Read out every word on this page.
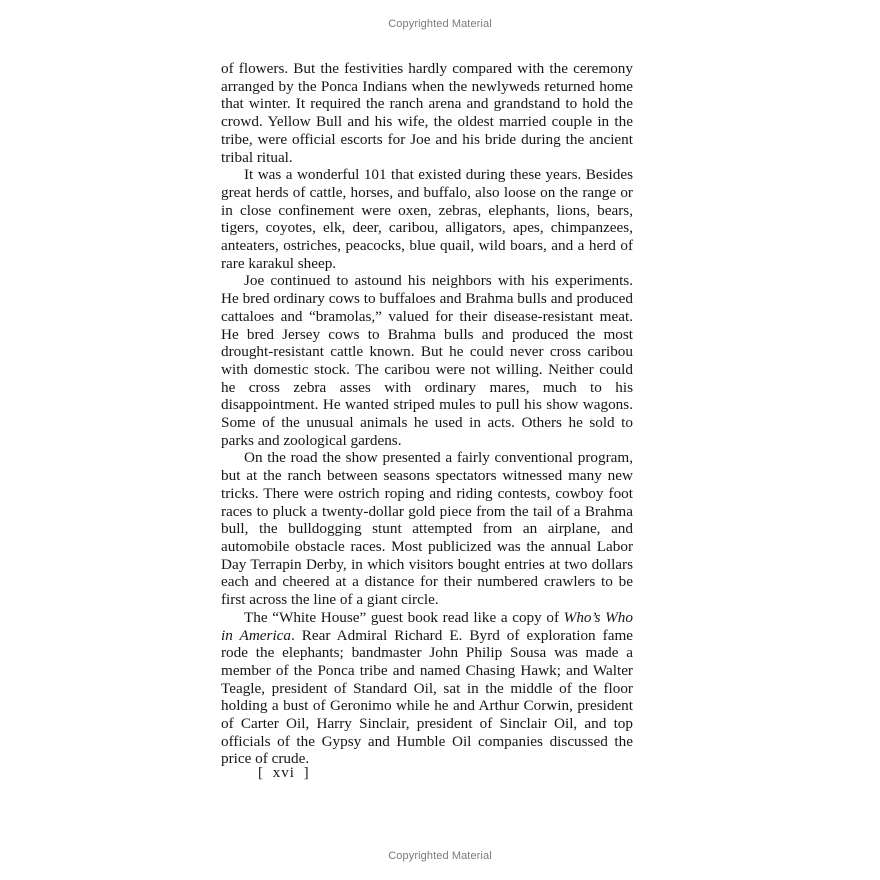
Copyrighted Material

of flowers. But the festivities hardly compared with the ceremony arranged by the Ponca Indians when the newlyweds returned home that winter. It required the ranch arena and grandstand to hold the crowd. Yellow Bull and his wife, the oldest married couple in the tribe, were official escorts for Joe and his bride during the ancient tribal ritual.

It was a wonderful 101 that existed during these years. Besides great herds of cattle, horses, and buffalo, also loose on the range or in close confinement were oxen, zebras, elephants, lions, bears, tigers, coyotes, elk, deer, caribou, alligators, apes, chimpanzees, anteaters, ostriches, peacocks, blue quail, wild boars, and a herd of rare karakul sheep.

Joe continued to astound his neighbors with his experiments. He bred ordinary cows to buffaloes and Brahma bulls and produced cattaloes and “bramolas,” valued for their disease-resistant meat. He bred Jersey cows to Brahma bulls and produced the most drought-resistant cattle known. But he could never cross caribou with domestic stock. The caribou were not willing. Neither could he cross zebra asses with ordinary mares, much to his disappointment. He wanted striped mules to pull his show wagons. Some of the unusual animals he used in acts. Others he sold to parks and zoological gardens.

On the road the show presented a fairly conventional program, but at the ranch between seasons spectators witnessed many new tricks. There were ostrich roping and riding contests, cowboy foot races to pluck a twenty-dollar gold piece from the tail of a Brahma bull, the bulldogging stunt attempted from an airplane, and automobile obstacle races. Most publicized was the annual Labor Day Terrapin Derby, in which visitors bought entries at two dollars each and cheered at a distance for their numbered crawlers to be first across the line of a giant circle.

The “White House” guest book read like a copy of Who’s Who in America. Rear Admiral Richard E. Byrd of exploration fame rode the elephants; bandmaster John Philip Sousa was made a member of the Ponca tribe and named Chasing Hawk; and Walter Teagle, president of Standard Oil, sat in the middle of the floor holding a bust of Geronimo while he and Arthur Corwin, president of Carter Oil, Harry Sinclair, president of Sinclair Oil, and top officials of the Gypsy and Humble Oil companies discussed the price of crude.

[ xvi ]
Copyrighted Material
